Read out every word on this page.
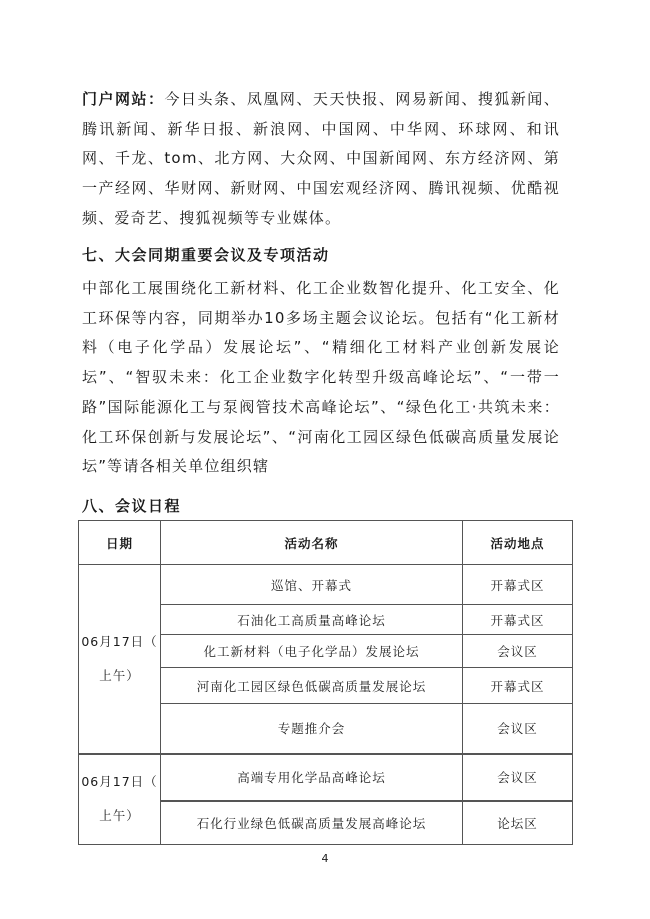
门户网站：今日头条、凤凰网、天天快报、网易新闻、搜狐新闻、腾讯新闻、新华日报、新浪网、中国网、中华网、环球网、和讯网、千龙、tom、北方网、大众网、中国新闻网、东方经济网、第一产经网、华财网、新财网、中国宏观经济网、腾讯视频、优酷视频、爱奇艺、搜狐视频等专业媒体。

七、大会同期重要会议及专项活动

中部化工展围绕化工新材料、化工企业数智化提升、化工安全、化工环保等内容，同期举办10多场主题会议论坛。包括有“化工新材料（电子化学品）发展论坛”、“精细化工材料产业创新发展论坛”、“智驭未来：化工企业数字化转型升级高峰论坛”、“一带一路”国际能源化工与泵阀管技术高峰论坛”、“绿色化工·共筑未来：化工环保创新与发展论坛”、“河南化工园区绿色低碳高质量发展论坛”等请各相关单位组织辖

八、会议日程
日期	活动名称	活动地点

06月17日（
上午）	巡馆、开幕式	开幕式区
	石油化工高质量高峰论坛	开幕式区
	化工新材料（电子化学品）发展论坛	会议区
	河南化工园区绿色低碳高质量发展论坛	开幕式区
	专题推介会	会议区

06月17日（
上午）	高端专用化学品高峰论坛	会议区
	石化行业绿色低碳高质量发展高峰论坛	论坛区
4
